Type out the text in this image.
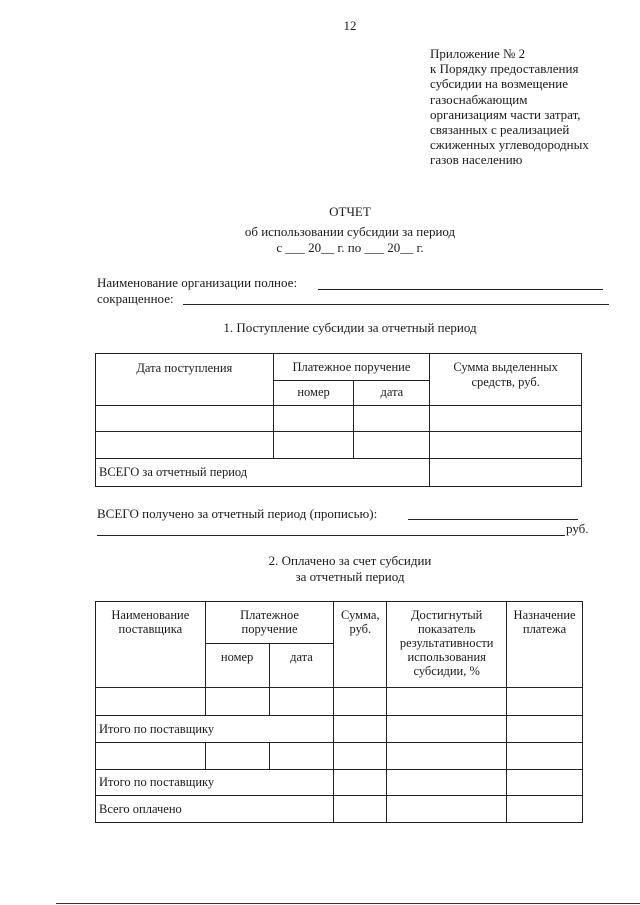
12
Приложение № 2
к Порядку предоставления
субсидии на возмещение
газоснабжающим
организациям части затрат,
связанных с реализацией
сжиженных углеводородных
газов населению
ОТЧЕТ
об использовании субсидии за период
с ___ 20__ г. по ___ 20__ г.
Наименование организации полное:
сокращенное:
1. Поступление субсидии за отчетный период
Дата поступления	Платежное поручение		Сумма выделенных средств, руб.
	номер	дата	

ВСЕГО за отчетный период			
ВСЕГО получено за отчетный период (прописью):
руб.
2. Оплачено за счет субсидии
за отчетный период
Наименование поставщика	Платежное поручение		Сумма, руб.	Достигнутый показатель результативности использования субсидии, %	Назначение платежа
	номер	дата			

Итого по поставщику					

Итого по поставщику					
Всего оплачено					
